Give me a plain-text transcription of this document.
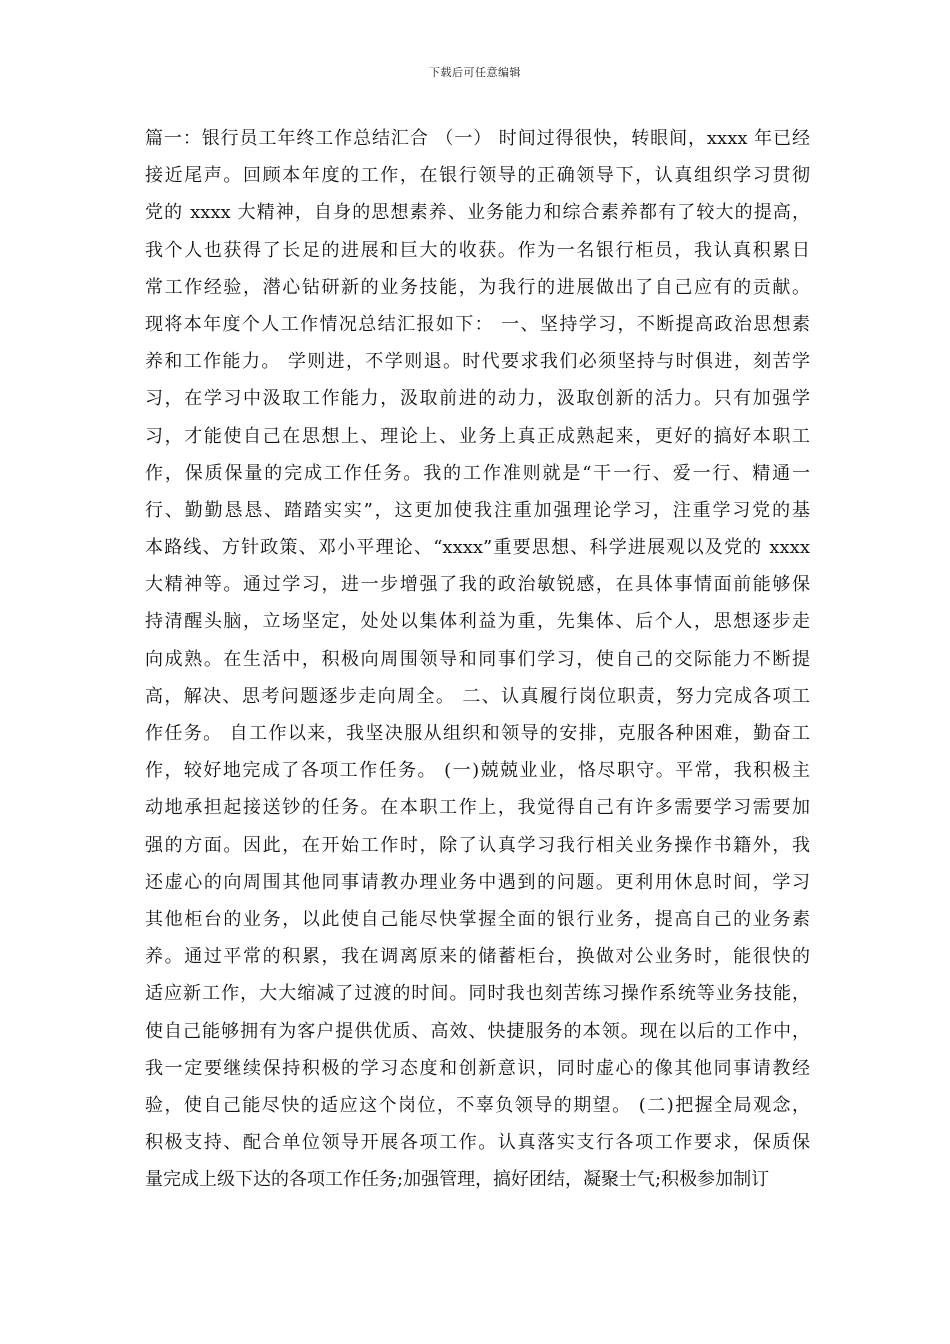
下载后可任意编辑
篇一：银行员工年终工作总结汇合 （一） 时间过得很快，转眼间，xxxx 年已经
接近尾声。回顾本年度的工作，在银行领导的正确领导下，认真组织学习贯彻
党的 xxxx 大精神，自身的思想素养、业务能力和综合素养都有了较大的提高，
我个人也获得了长足的进展和巨大的收获。作为一名银行柜员，我认真积累日
常工作经验，潜心钻研新的业务技能，为我行的进展做出了自己应有的贡献。
现将本年度个人工作情况总结汇报如下： 一、坚持学习，不断提高政治思想素
养和工作能力。 学则进，不学则退。时代要求我们必须坚持与时俱进，刻苦学
习，在学习中汲取工作能力，汲取前进的动力，汲取创新的活力。只有加强学
习，才能使自己在思想上、理论上、业务上真正成熟起来，更好的搞好本职工
作，保质保量的完成工作任务。我的工作准则就是“干一行、爱一行、精通一
行、勤勤恳恳、踏踏实实”，这更加使我注重加强理论学习，注重学习党的基
本路线、方针政策、邓小平理论、“xxxx”重要思想、科学进展观以及党的 xxxx
大精神等。通过学习，进一步增强了我的政治敏锐感，在具体事情面前能够保
持清醒头脑，立场坚定，处处以集体利益为重，先集体、后个人，思想逐步走
向成熟。在生活中，积极向周围领导和同事们学习，使自己的交际能力不断提
高，解决、思考问题逐步走向周全。 二、认真履行岗位职责，努力完成各项工
作任务。 自工作以来，我坚决服从组织和领导的安排，克服各种困难，勤奋工
作，较好地完成了各项工作任务。 (一)兢兢业业，恪尽职守。平常，我积极主
动地承担起接送钞的任务。在本职工作上，我觉得自己有许多需要学习需要加
强的方面。因此，在开始工作时，除了认真学习我行相关业务操作书籍外，我
还虚心的向周围其他同事请教办理业务中遇到的问题。更利用休息时间，学习
其他柜台的业务，以此使自己能尽快掌握全面的银行业务，提高自己的业务素
养。通过平常的积累，我在调离原来的储蓄柜台，换做对公业务时，能很快的
适应新工作，大大缩减了过渡的时间。同时我也刻苦练习操作系统等业务技能，
使自己能够拥有为客户提供优质、高效、快捷服务的本领。现在以后的工作中，
我一定要继续保持积极的学习态度和创新意识，同时虚心的像其他同事请教经
验，使自己能尽快的适应这个岗位，不辜负领导的期望。 (二)把握全局观念，
积极支持、配合单位领导开展各项工作。认真落实支行各项工作要求，保质保
量完成上级下达的各项工作任务;加强管理，搞好团结，凝聚士气;积极参加制订
